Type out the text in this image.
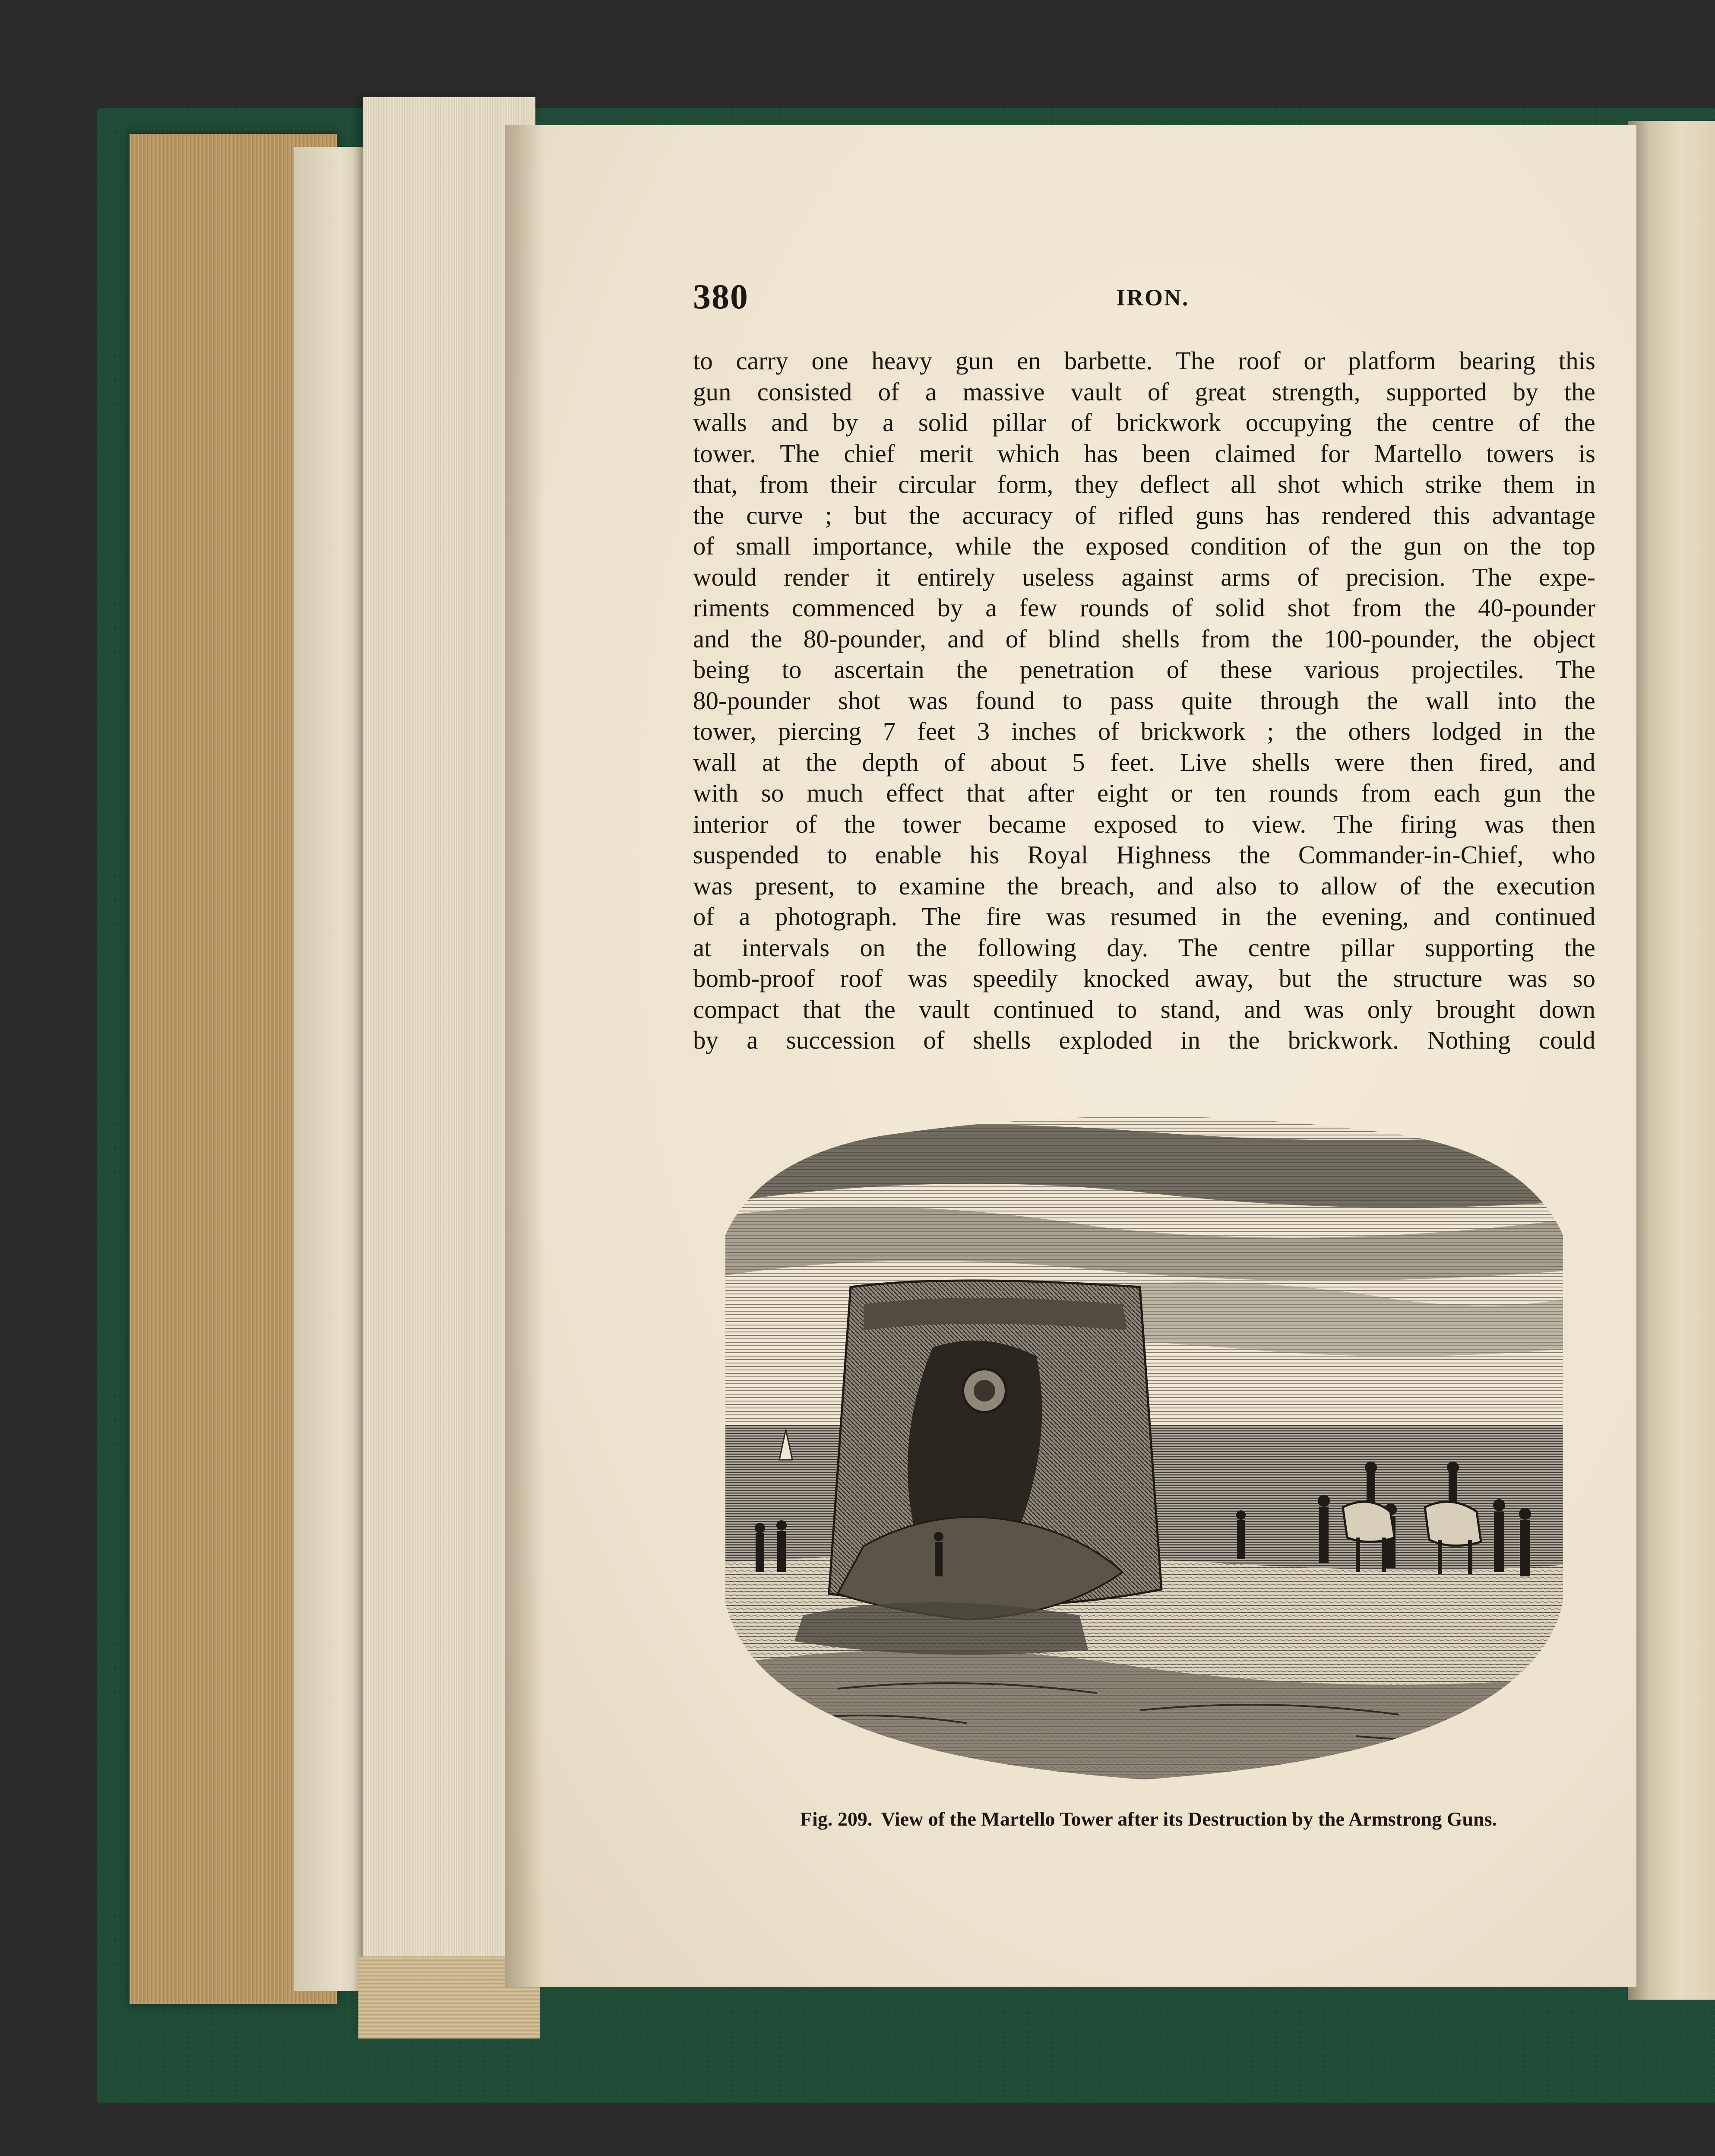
380	IRON.
to carry one heavy gun en barbette. The roof or platform bearing this
gun consisted of a massive vault of great strength, supported by the
walls and by a solid pillar of brickwork occupying the centre of the
tower. The chief merit which has been claimed for Martello towers is
that, from their circular form, they deflect all shot which strike them in
the curve ; but the accuracy of rifled guns has rendered this advantage
of small importance, while the exposed condition of the gun on the top
would render it entirely useless against arms of precision. The expe-
riments commenced by a few rounds of solid shot from the 40-pounder
and the 80-pounder, and of blind shells from the 100-pounder, the object
being to ascertain the penetration of these various projectiles. The
80-pounder shot was found to pass quite through the wall into the
tower, piercing 7 feet 3 inches of brickwork ; the others lodged in the
wall at the depth of about 5 feet. Live shells were then fired, and
with so much effect that after eight or ten rounds from each gun the
interior of the tower became exposed to view. The firing was then
suspended to enable his Royal Highness the Commander-in-Chief, who
was present, to examine the breach, and also to allow of the execution
of a photograph. The fire was resumed in the evening, and continued
at intervals on the following day. The centre pillar supporting the
bomb-proof roof was speedily knocked away, but the structure was so
compact that the vault continued to stand, and was only brought down
by a succession of shells exploded in the brickwork. Nothing could
Fig. 209. View of the Martello Tower after its Destruction by the Armstrong Guns.
